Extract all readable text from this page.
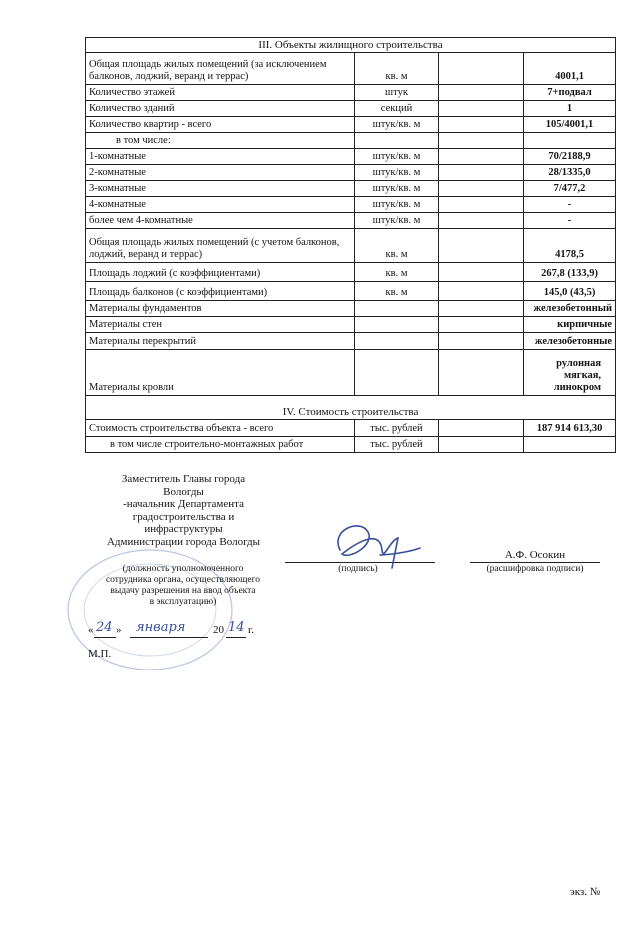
III. Объекты жилищного строительства			
Общая площадь жилых помещений (за исключением балконов, лоджий, веранд и террас)	кв. м		4001,1
Количество этажей	штук		7+подвал
Количество зданий	секций		1
Количество квартир - всего	штук/кв. м		105/4001,1
в том числе:			
1-комнатные	штук/кв. м		70/2188,9
2-комнатные	штук/кв. м		28/1335,0
3-комнатные	штук/кв. м		7/477,2
4-комнатные	штук/кв. м		-
более чем 4-комнатные	штук/кв. м		-
Общая площадь жилых помещений (с учетом балконов, лоджий, веранд и террас)	кв. м		4178,5
Площадь лоджий (с коэффициентами)	кв. м		267,8 (133,9)
Площадь балконов (с коэффициентами)	кв. м		145,0 (43,5)
Материалы фундаментов			железобетонный
Материалы стен			кирпичные
Материалы перекрытий			железобетонные
Материалы кровли			рулонная мягкая, линокром
IV. Стоимость строительства			
Стоимость строительства объекта - всего	тыс. рублей		187 914 613,30
в том числе строительно-монтажных работ	тыс. рублей		
Заместитель Главы города
Вологды
-начальник Департамента
градостроительства и
инфраструктуры
Администрации города Вологды
А.Ф. Осокин
(должность уполномоченного
сотрудника органа, осуществляющего
выдачу разрешения на ввод объекта
в эксплуатацию)
(подпись)	(расшифровка подписи)
« 24 » января	20 14 г.
М.П.
экз. №
